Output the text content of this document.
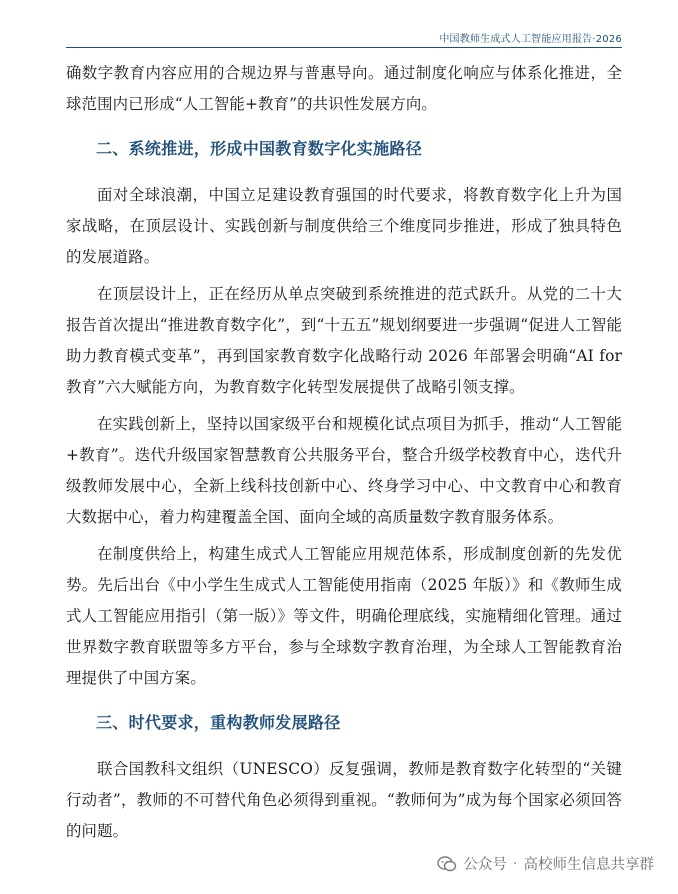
中国教师生成式人工智能应用报告·2026

确数字教育内容应用的合规边界与普惠导向。通过制度化响应与体系化推进，全球范围内已形成“人工智能+教育”的共识性发展方向。

二、系统推进，形成中国教育数字化实施路径

面对全球浪潮，中国立足建设教育强国的时代要求，将教育数字化上升为国家战略，在顶层设计、实践创新与制度供给三个维度同步推进，形成了独具特色的发展道路。

在顶层设计上，正在经历从单点突破到系统推进的范式跃升。从党的二十大报告首次提出“推进教育数字化”，到“十五五”规划纲要进一步强调“促进人工智能助力教育模式变革”，再到国家教育数字化战略行动 2026 年部署会明确“AI for 教育”六大赋能方向，为教育数字化转型发展提供了战略引领支撑。

在实践创新上，坚持以国家级平台和规模化试点项目为抓手，推动“人工智能+教育”。迭代升级国家智慧教育公共服务平台，整合升级学校教育中心，迭代升级教师发展中心，全新上线科技创新中心、终身学习中心、中文教育中心和教育大数据中心，着力构建覆盖全国、面向全域的高质量数字教育服务体系。

在制度供给上，构建生成式人工智能应用规范体系，形成制度创新的先发优势。先后出台《中小学生生成式人工智能使用指南（2025 年版）》和《教师生成式人工智能应用指引（第一版）》等文件，明确伦理底线，实施精细化管理。通过世界数字教育联盟等多方平台，参与全球数字教育治理，为全球人工智能教育治理提供了中国方案。

三、时代要求，重构教师发展路径

联合国教科文组织（UNESCO）反复强调，教师是教育数字化转型的“关键行动者”，教师的不可替代角色必须得到重视。“教师何为”成为每个国家必须回答的问题。

公众号 · 高校师生信息共享群
